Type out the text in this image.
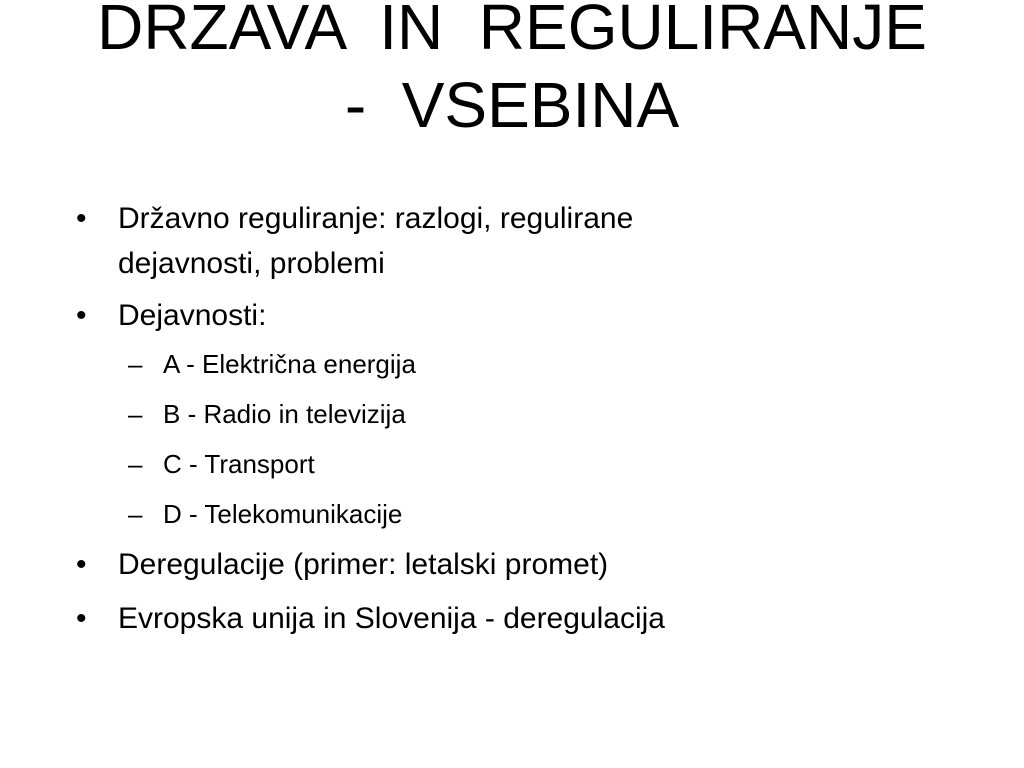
DRZAVA  IN  REGULIRANJE
-  VSEBINA
•	Državno reguliranje: razlogi, regulirane dejavnosti, problemi
•	Dejavnosti:
– A - Električna energija
– B - Radio in televizija
– C - Transport
– D - Telekomunikacije
•	Deregulacije (primer: letalski promet)
•	Evropska unija in Slovenija - deregulacija
